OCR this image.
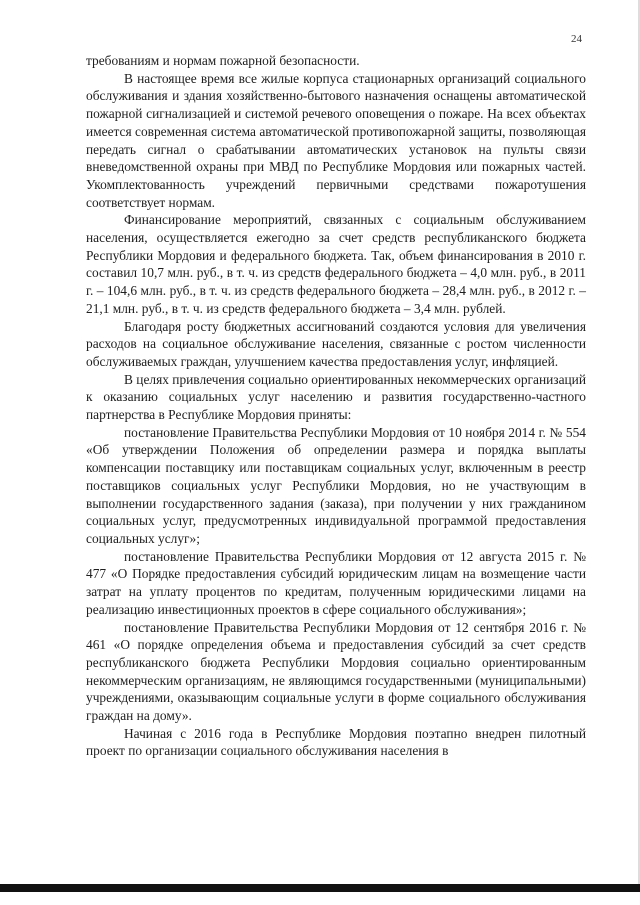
24

требованиям и нормам пожарной безопасности.

В настоящее время все жилые корпуса стационарных организаций социального обслуживания и здания хозяйственно-бытового назначения оснащены автоматической пожарной сигнализацией и системой речевого оповещения о пожаре. На всех объектах имеется современная система автоматической противопожарной защиты, позволяющая передать сигнал о срабатывании автоматических установок на пульты связи вневедомственной охраны при МВД по Республике Мордовия или пожарных частей. Укомплектованность учреждений первичными средствами пожаротушения соответствует нормам.

Финансирование мероприятий, связанных с социальным обслуживанием населения, осуществляется ежегодно за счет средств республиканского бюджета Республики Мордовия и федерального бюджета. Так, объем финансирования в 2010 г. составил 10,7 млн. руб., в т. ч. из средств федерального бюджета – 4,0 млн. руб., в 2011 г. – 104,6 млн. руб., в т. ч. из средств федерального бюджета – 28,4 млн. руб., в 2012 г. – 21,1 млн. руб., в т. ч. из средств федерального бюджета – 3,4 млн. рублей.

Благодаря росту бюджетных ассигнований создаются условия для увеличения расходов на социальное обслуживание населения, связанные с ростом численности обслуживаемых граждан, улучшением качества предоставления услуг, инфляцией.

В целях привлечения социально ориентированных некоммерческих организаций к оказанию социальных услуг населению и развития государственно-частного партнерства в Республике Мордовия приняты:

постановление Правительства Республики Мордовия от 10 ноября 2014 г. № 554 «Об утверждении Положения об определении размера и порядка выплаты компенсации поставщику или поставщикам социальных услуг, включенным в реестр поставщиков социальных услуг Республики Мордовия, но не участвующим в выполнении государственного задания (заказа), при получении у них гражданином социальных услуг, предусмотренных индивидуальной программой предоставления социальных услуг»;

постановление Правительства Республики Мордовия от 12 августа 2015 г. № 477 «О Порядке предоставления субсидий юридическим лицам на возмещение части затрат на уплату процентов по кредитам, полученным юридическими лицами на реализацию инвестиционных проектов в сфере социального обслуживания»;

постановление Правительства Республики Мордовия от 12 сентября 2016 г. № 461 «О порядке определения объема и предоставления субсидий за счет средств республиканского бюджета Республики Мордовия социально ориентированным некоммерческим организациям, не являющимся государственными (муниципальными) учреждениями, оказывающим социальные услуги в форме социального обслуживания граждан на дому».

Начиная с 2016 года в Республике Мордовия поэтапно внедрен пилотный проект по организации социального обслуживания населения в
